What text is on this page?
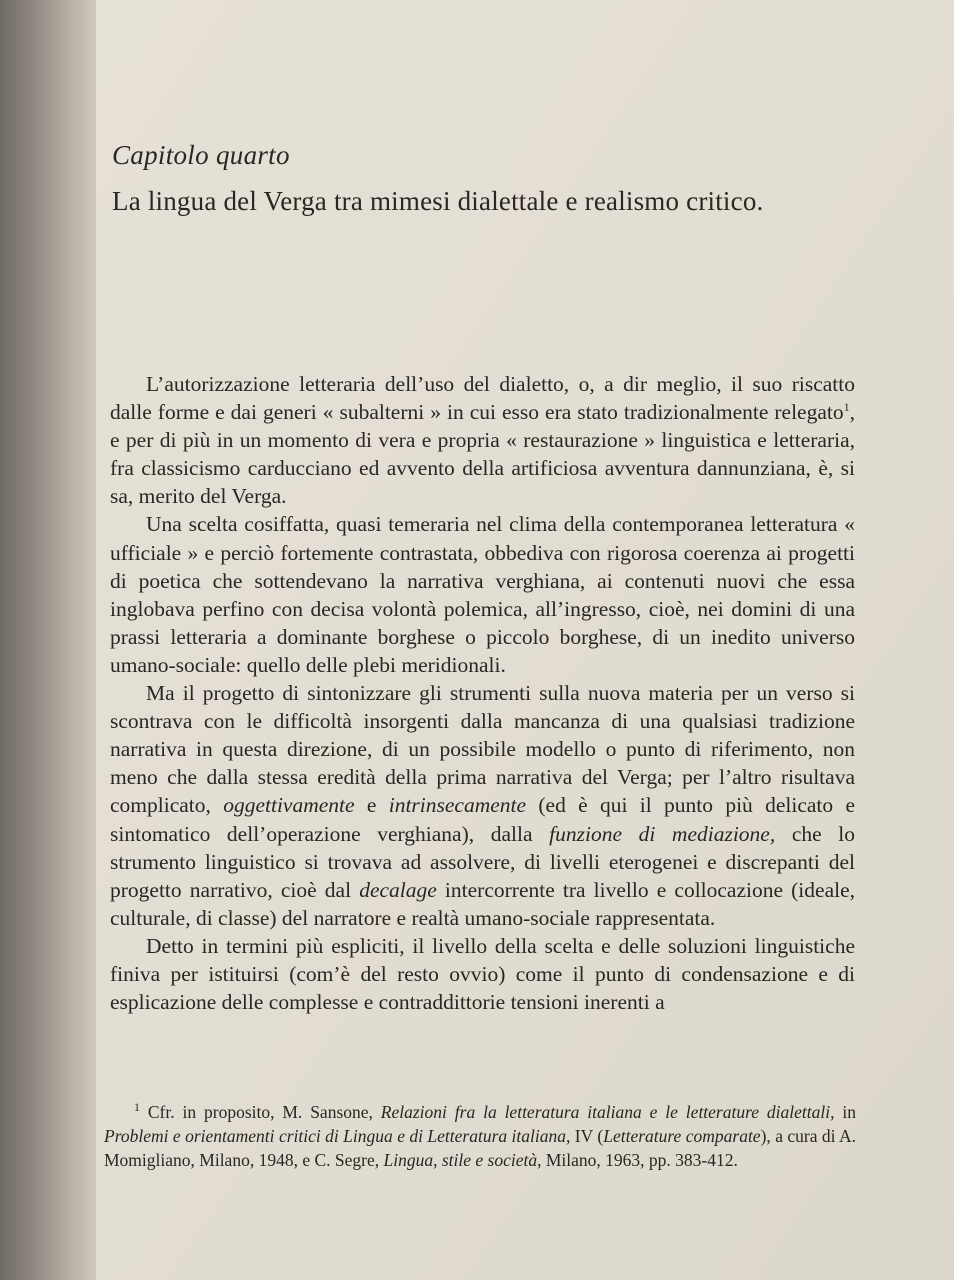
Capitolo quarto
La lingua del Verga tra mimesi dialettale e realismo critico.

L’autorizzazione letteraria dell’uso del dialetto, o, a dir meglio, il suo riscatto dalle forme e dai generi « subalterni » in cui esso era stato tradizionalmente relegato$^1$, e per di più in un momento di vera e propria « restaurazione » linguistica e letteraria, fra classicismo carducciano ed avvento della artificiosa avventura dannunziana, è, si sa, merito del Verga.

Una scelta cosiffatta, quasi temeraria nel clima della contemporanea letteratura « ufficiale » e perciò fortemente contrastata, obbediva con rigorosa coerenza ai progetti di poetica che sottendevano la narrativa verghiana, ai contenuti nuovi che essa inglobava perfino con decisa volontà polemica, all’ingresso, cioè, nei domini di una prassi letteraria a dominante borghese o piccolo borghese, di un inedito universo umano-sociale: quello delle plebi meridionali.

Ma il progetto di sintonizzare gli strumenti sulla nuova materia per un verso si scontrava con le difficoltà insorgenti dalla mancanza di una qualsiasi tradizione narrativa in questa direzione, di un possibile modello o punto di riferimento, non meno che dalla stessa eredità della prima narrativa del Verga; per l’altro risultava complicato, oggettivamente e intrinsecamente (ed è qui il punto più delicato e sintomatico dell’operazione verghiana), dalla funzione di mediazione, che lo strumento linguistico si trovava ad assolvere, di livelli eterogenei e discrepanti del progetto narrativo, cioè dal decalage intercorrente tra livello e collocazione (ideale, culturale, di classe) del narratore e realtà umano-sociale rappresentata.

Detto in termini più espliciti, il livello della scelta e delle soluzioni linguistiche finiva per istituirsi (com’è del resto ovvio) come il punto di condensazione e di esplicazione delle complesse e contraddittorie tensioni inerenti a

$^1$ Cfr. in proposito, M. Sansone, Relazioni fra la letteratura italiana e le letterature dialettali, in Problemi e orientamenti critici di Lingua e di Letteratura italiana, IV (Letterature comparate), a cura di A. Momigliano, Milano, 1948, e C. Segre, Lingua, stile e società, Milano, 1963, pp. 383-412.
